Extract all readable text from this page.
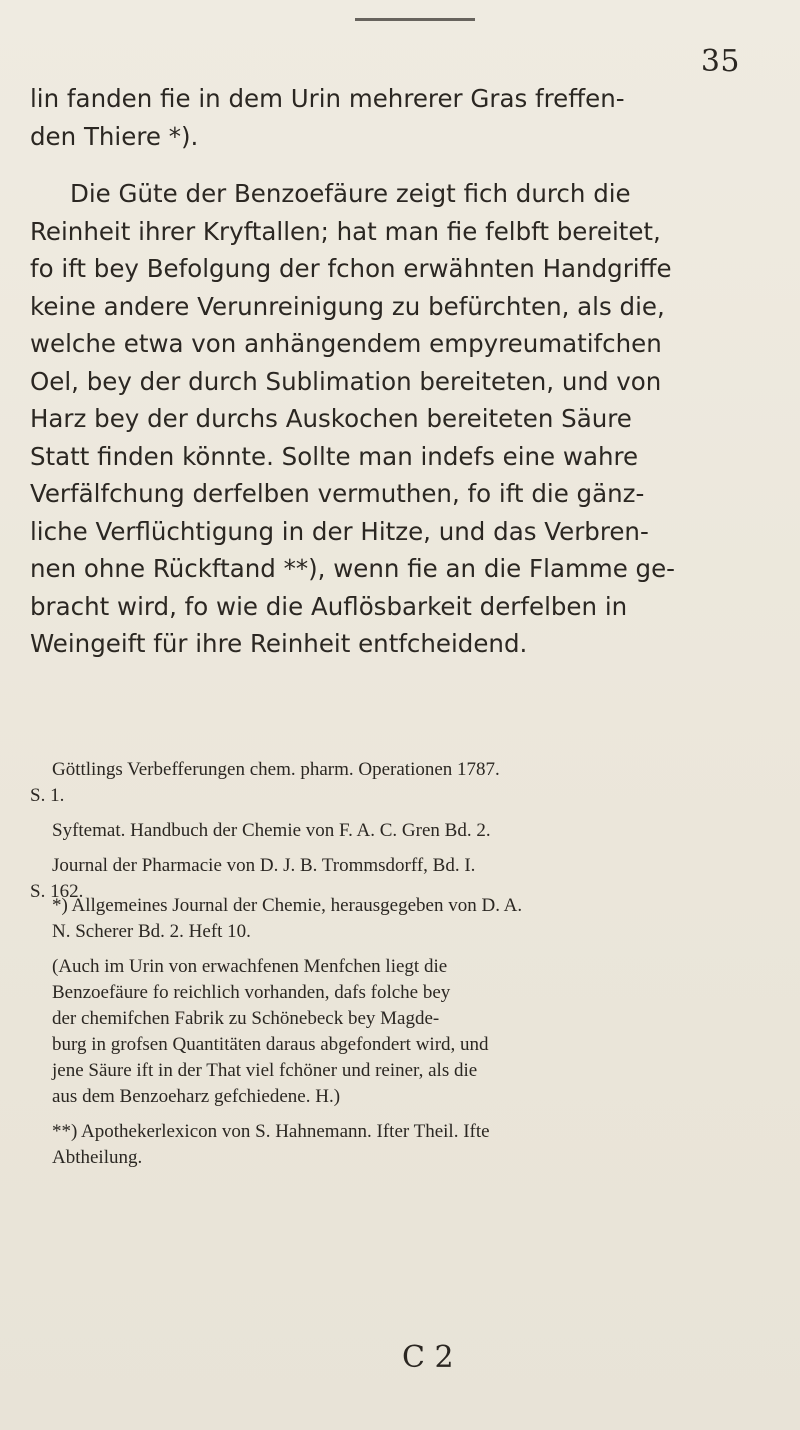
35
lin fanden fie in dem Urin mehrerer Gras freffen-
den Thiere *).
Die Güte der Benzoefäure zeigt fich durch die
Reinheit ihrer Kryftallen; hat man fie felbft bereitet,
fo ift bey Befolgung der fchon erwähnten Handgriffe
keine andere Verunreinigung zu befürchten, als die,
welche etwa von anhängendem empyreumatifchen
Oel, bey der durch Sublimation bereiteten, und von
Harz bey der durchs Auskochen bereiteten Säure
Statt finden könnte. Sollte man indefs eine wahre
Verfälfchung derfelben vermuthen, fo ift die gänz-
liche Verflüchtigung in der Hitze, und das Verbren-
nen ohne Rückftand **), wenn fie an die Flamme ge-
bracht wird, fo wie die Auflösbarkeit derfelben in
Weingeift für ihre Reinheit entfcheidend.
Göttlings Verbefferungen chem. pharm. Operationen 1787.
S. 1.
Syftemat. Handbuch der Chemie von F. A. C. Gren Bd. 2.
Journal der Pharmacie von D. J. B. Trommsdorff, Bd. I.
S. 162.
*) Allgemeines Journal der Chemie, herausgegeben von D. A.
N. Scherer Bd. 2. Heft 10.
(Auch im Urin von erwachfenen Menfchen liegt die
Benzoefäure fo reichlich vorhanden, dafs folche bey
der chemifchen Fabrik zu Schönebeck bey Magde-
burg in grofsen Quantitäten daraus abgefondert wird, und
jene Säure ift in der That viel fchöner und reiner, als die
aus dem Benzoeharz gefchiedene. H.)
**) Apothekerlexicon von S. Hahnemann. Ifter Theil. Ifte
Abtheilung.
C 2
